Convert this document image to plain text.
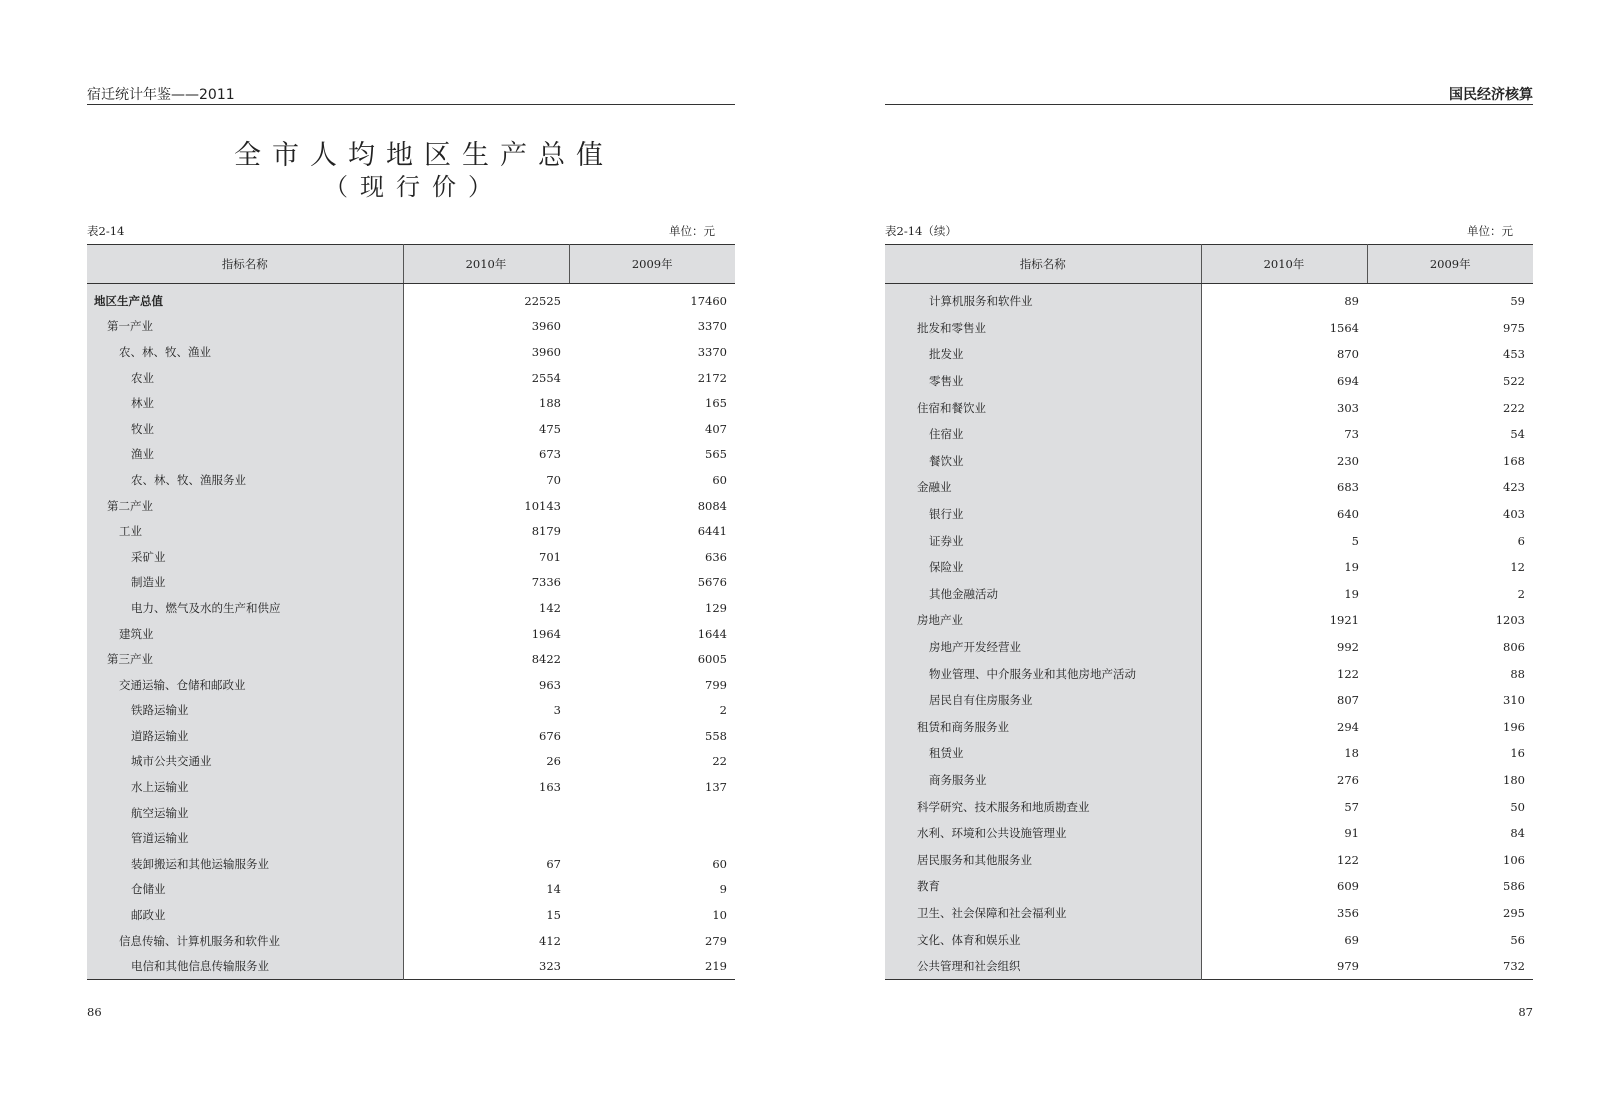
宿迁统计年鉴——2011
全市人均地区生产总值
（现行价）
表2-14	单位：元
指标名称	2010年	2009年
地区生产总值	22525	17460
第一产业	3960	3370
农、林、牧、渔业	3960	3370
农业	2554	2172
林业	188	165
牧业	475	407
渔业	673	565
农、林、牧、渔服务业	70	60
第二产业	10143	8084
工业	8179	6441
采矿业	701	636
制造业	7336	5676
电力、燃气及水的生产和供应	142	129
建筑业	1964	1644
第三产业	8422	6005
交通运输、仓储和邮政业	963	799
铁路运输业	3	2
道路运输业	676	558
城市公共交通业	26	22
水上运输业	163	137
航空运输业		
管道运输业		
装卸搬运和其他运输服务业	67	60
仓储业	14	9
邮政业	15	10
信息传输、计算机服务和软件业	412	279
电信和其他信息传输服务业	323	219
86
国民经济核算
表2-14（续）	单位：元
指标名称	2010年	2009年
计算机服务和软件业	89	59
批发和零售业	1564	975
批发业	870	453
零售业	694	522
住宿和餐饮业	303	222
住宿业	73	54
餐饮业	230	168
金融业	683	423
银行业	640	403
证券业	5	6
保险业	19	12
其他金融活动	19	2
房地产业	1921	1203
房地产开发经营业	992	806
物业管理、中介服务业和其他房地产活动	122	88
居民自有住房服务业	807	310
租赁和商务服务业	294	196
租赁业	18	16
商务服务业	276	180
科学研究、技术服务和地质勘查业	57	50
水利、环境和公共设施管理业	91	84
居民服务和其他服务业	122	106
教育	609	586
卫生、社会保障和社会福利业	356	295
文化、体育和娱乐业	69	56
公共管理和社会组织	979	732
87
